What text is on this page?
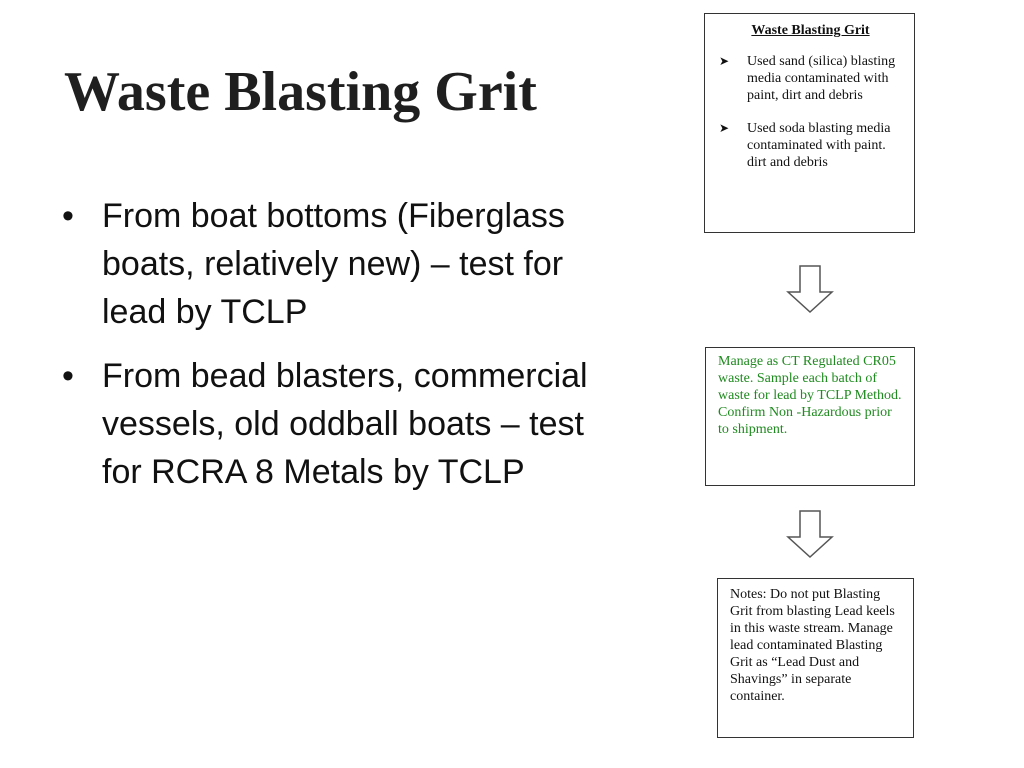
Waste Blasting Grit
• From boat bottoms (Fiberglass boats, relatively new) – test for lead by TCLP
• From bead blasters, commercial vessels, old oddball boats – test for RCRA 8 Metals by TCLP
Waste Blasting Grit
➤ Used sand (silica) blasting media contaminated with paint, dirt and debris
➤ Used soda blasting media contaminated with paint. dirt and debris
Manage as CT Regulated CR05 waste. Sample each batch of waste for lead by TCLP Method. Confirm Non -Hazardous prior to shipment.
Notes: Do not put Blasting Grit from blasting Lead keels in this waste stream. Manage lead contaminated Blasting Grit as “Lead Dust and Shavings” in separate container.
